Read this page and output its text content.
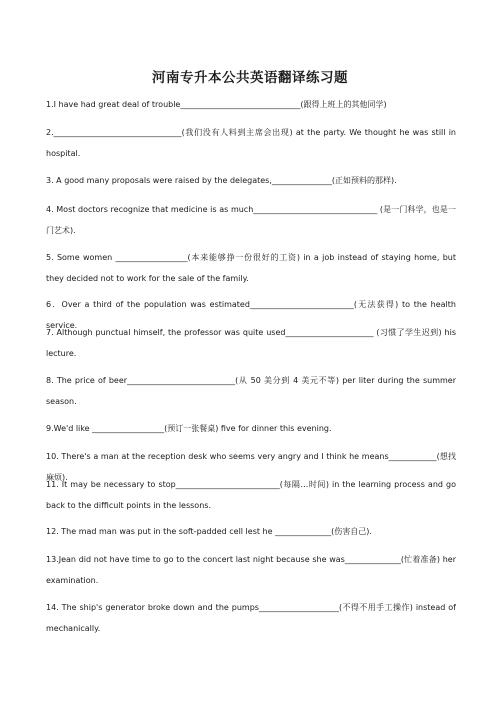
河南专升本公共英语翻译练习题
1.I have had great deal of trouble______________________________(跟得上班上的其他同学)
2.________________________________(我们没有人料到主席会出现) at the party. We thought he was still in hospital.
3. A good many proposals were raised by the delegates,_______________(正如预料的那样).
4. Most doctors recognize that medicine is as much_______________________________ (是一门科学，也是一门艺术).
5. Some women __________________(本来能够挣一份很好的工资) in a job instead of staying home, but they decided not to work for the sale of the family.
6．Over a third of the population was estimated__________________________(无法获得) to the health service.
7. Although punctual himself, the professor was quite used______________________ (习惯了学生迟到) his lecture.
8. The price of beer___________________________(从 50 美分到 4 美元不等) per liter during the summer season.
9.We'd like __________________(预订一张餐桌) five for dinner this evening.
10. There's a man at the reception desk who seems very angry and I think he means____________(想找麻烦).
11. It may be necessary to stop__________________________(每隔…时间) in the learning process and go back to the difficult points in the lessons.
12. The mad man was put in the soft-padded cell lest he ______________(伤害自己).
13.Jean did not have time to go to the concert last night because she was______________(忙着准备) her examination.
14. The ship's generator broke down and the pumps____________________(不得不用手工操作) instead of mechanically.
